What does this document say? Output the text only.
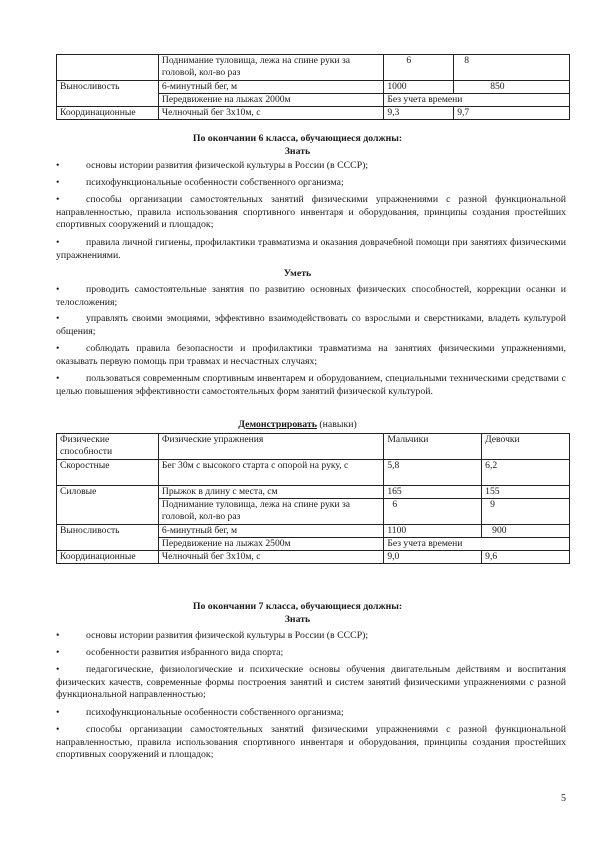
	Поднимание туловища, лежа на спине руки за головой, кол-во раз	6	8
Выносливость	6-минутный бег, м	1000	850
	Передвижение на лыжах 2000м	Без учета времени	
Координационные	Челночный бег 3х10м, с	9,3	9,7
По окончании 6 класса, обучающиеся должны:
Знать
•	основы истории развития физической культуры в России (в СССР);
•	психофункциональные особенности собственного организма;
•	способы организации самостоятельных занятий физическими упражнениями с разной функциональной направленностью, правила использования спортивного инвентаря и оборудования, принципы создания простейших спортивных сооружений и площадок;
•	правила личной гигиены, профилактики травматизма и оказания доврачебной помощи при занятиях физическими упражнениями.
Уметь
•	проводить самостоятельные занятия по развитию основных физических способностей, коррекции осанки и телосложения;
•	управлять своими эмоциями, эффективно взаимодействовать со взрослыми и сверстниками, владеть культурой общения;
•	соблюдать правила безопасности и профилактики травматизма на занятиях физическими упражнениями, оказывать первую помощь при травмах и несчастных случаях;
•	пользоваться современным спортивным инвентарем и оборудованием, специальными техническими средствами с целью повышения эффективности самостоятельных форм занятий физической культурой.
Демонстрировать (навыки)
Физические способности	Физические упражнения	Мальчики	Девочки
Скоростные	Бег 30м с высокого старта с опорой на руку, с	5,8	6,2
Силовые	Прыжок в длину с места, см	165	155
	Поднимание туловища, лежа на спине руки за головой, кол-во раз	6	9
Выносливость	6-минутный бег, м	1100	900
	Передвижение на лыжах 2500м	Без учета времени	
Координационные	Челночный бег 3х10м, с	9,0	9,6
По окончании 7 класса, обучающиеся должны:
Знать
•	основы истории развития физической культуры в России (в СССР);
•	особенности развития избранного вида спорта;
•	педагогические, физиологические и психические основы обучения двигательным действиям и воспитания физических качеств, современные формы построения занятий и систем занятий физическими упражнениями с разной функциональной направленностью;
•	психофункциональные особенности собственного организма;
•	способы организации самостоятельных занятий физическими упражнениями с разной функциональной направленностью, правила использования спортивного инвентаря и оборудования, принципы создания простейших спортивных сооружений и площадок;
5
